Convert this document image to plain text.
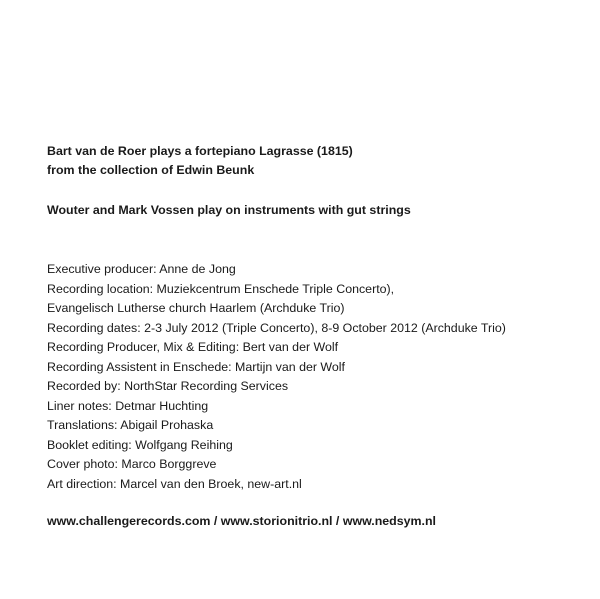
Bart van de Roer plays a fortepiano Lagrasse (1815)

from the collection of Edwin Beunk

Wouter and Mark Vossen play on instruments with gut strings

Executive producer: Anne de Jong
Recording location: Muziekcentrum Enschede Triple Concerto),
Evangelisch Lutherse church Haarlem (Archduke Trio)
Recording dates: 2-3 July 2012 (Triple Concerto), 8-9 October 2012 (Archduke Trio)
Recording Producer, Mix & Editing: Bert van der Wolf
Recording Assistent in Enschede: Martijn van der Wolf
Recorded by: NorthStar Recording Services
Liner notes: Detmar Huchting
Translations: Abigail Prohaska
Booklet editing: Wolfgang Reihing
Cover photo: Marco Borggreve
Art direction: Marcel van den Broek, new-art.nl

www.challengerecords.com / www.storionitrio.nl / www.nedsym.nl
